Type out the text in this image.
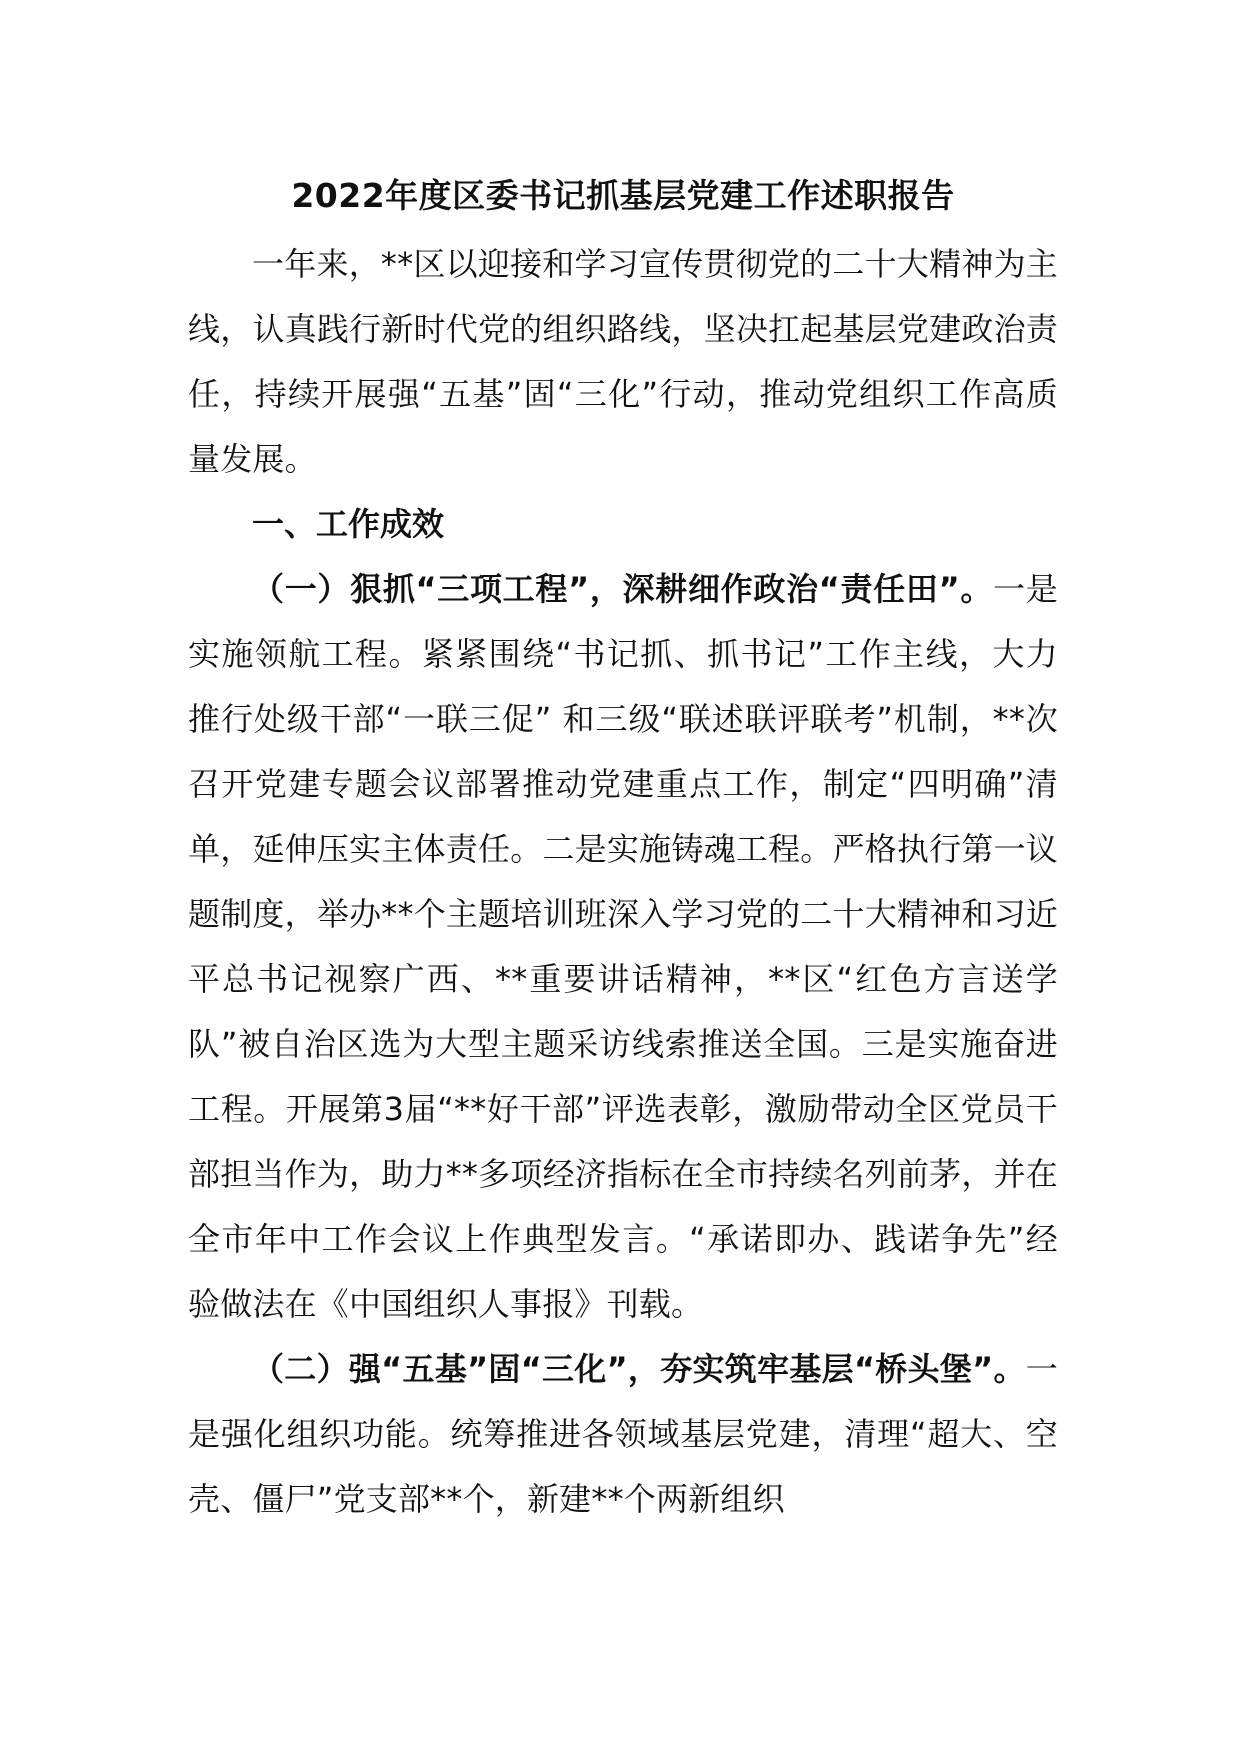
2022年度区委书记抓基层党建工作述职报告

一年来，**区以迎接和学习宣传贯彻党的二十大精神为主线，认真践行新时代党的组织路线，坚决扛起基层党建政治责任，持续开展强“五基”固“三化”行动，推动党组织工作高质量发展。

一、工作成效

（一）狠抓“三项工程”，深耕细作政治“责任田”。一是实施领航工程。紧紧围绕“书记抓、抓书记”工作主线，大力推行处级干部“一联三促” 和三级“联述联评联考”机制，**次召开党建专题会议部署推动党建重点工作，制定“四明确”清单，延伸压实主体责任。二是实施铸魂工程。严格执行第一议题制度，举办**个主题培训班深入学习党的二十大精神和习近平总书记视察广西、**重要讲话精神，**区“红色方言送学队”被自治区选为大型主题采访线索推送全国。三是实施奋进工程。开展第3届“**好干部”评选表彰，激励带动全区党员干部担当作为，助力**多项经济指标在全市持续名列前茅，并在全市年中工作会议上作典型发言。“承诺即办、践诺争先”经验做法在《中国组织人事报》刊载。

（二）强“五基”固“三化”，夯实筑牢基层“桥头堡”。一是强化组织功能。统筹推进各领域基层党建，清理“超大、空壳、僵尸”党支部**个，新建**个两新组织
